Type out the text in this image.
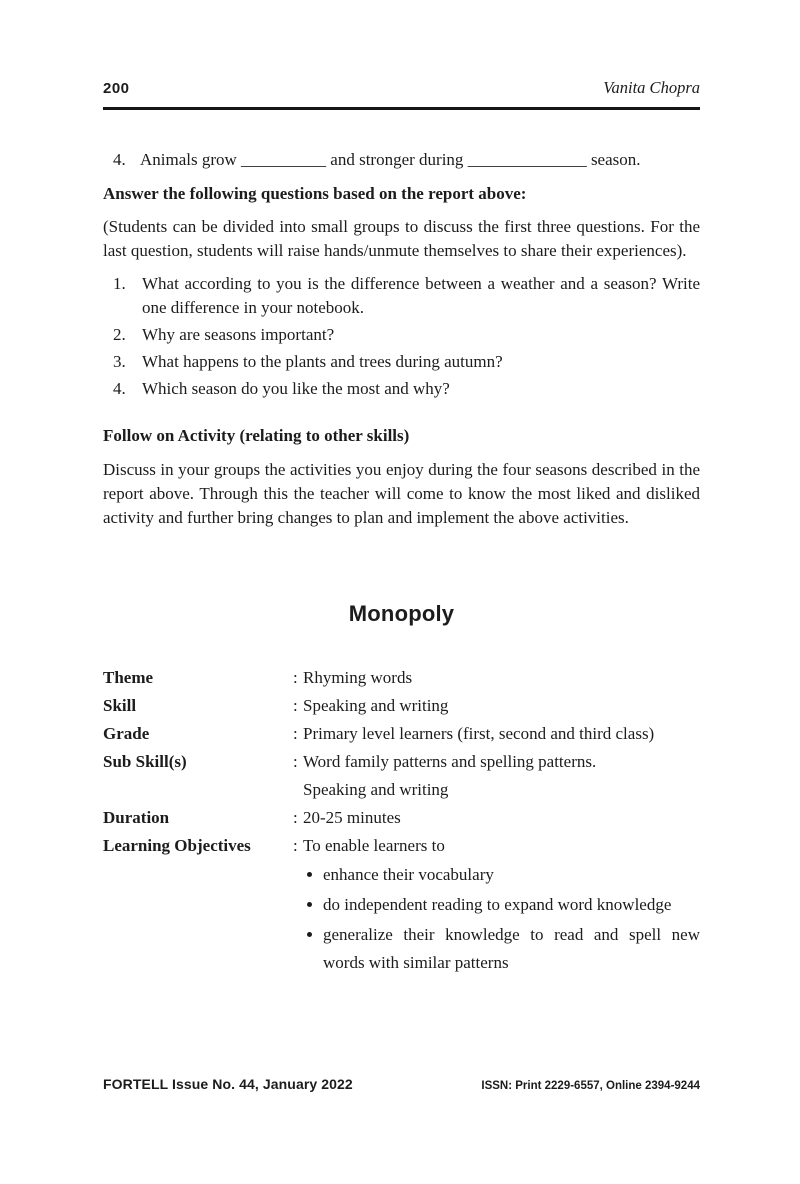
200	Vanita Chopra
4. Animals grow __________ and stronger during ______________ season.
Answer the following questions based on the report above:
(Students can be divided into small groups to discuss the first three questions. For the last question, students will raise hands/unmute themselves to share their experiences).
1. What according to you is the difference between a weather and a season? Write one difference in your notebook.
2. Why are seasons important?
3. What happens to the plants and trees during autumn?
4. Which season do you like the most and why?
Follow on Activity (relating to other skills)
Discuss in your groups the activities you enjoy during the four seasons described in the report above. Through this the teacher will come to know the most liked and disliked activity and further bring changes to plan and implement the above activities.
Monopoly
Theme	: Rhyming words
Skill	: Speaking and writing
Grade	: Primary level learners (first, second and third class)
Sub Skill(s)	: Word family patterns and spelling patterns.
Speaking and writing
Duration	: 20-25 minutes
Learning Objectives	: To enable learners to
enhance their vocabulary
do independent reading to expand word knowledge
generalize their knowledge to read and spell new words with similar patterns
FORTELL Issue No. 44, January 2022	ISSN: Print 2229-6557, Online 2394-9244
